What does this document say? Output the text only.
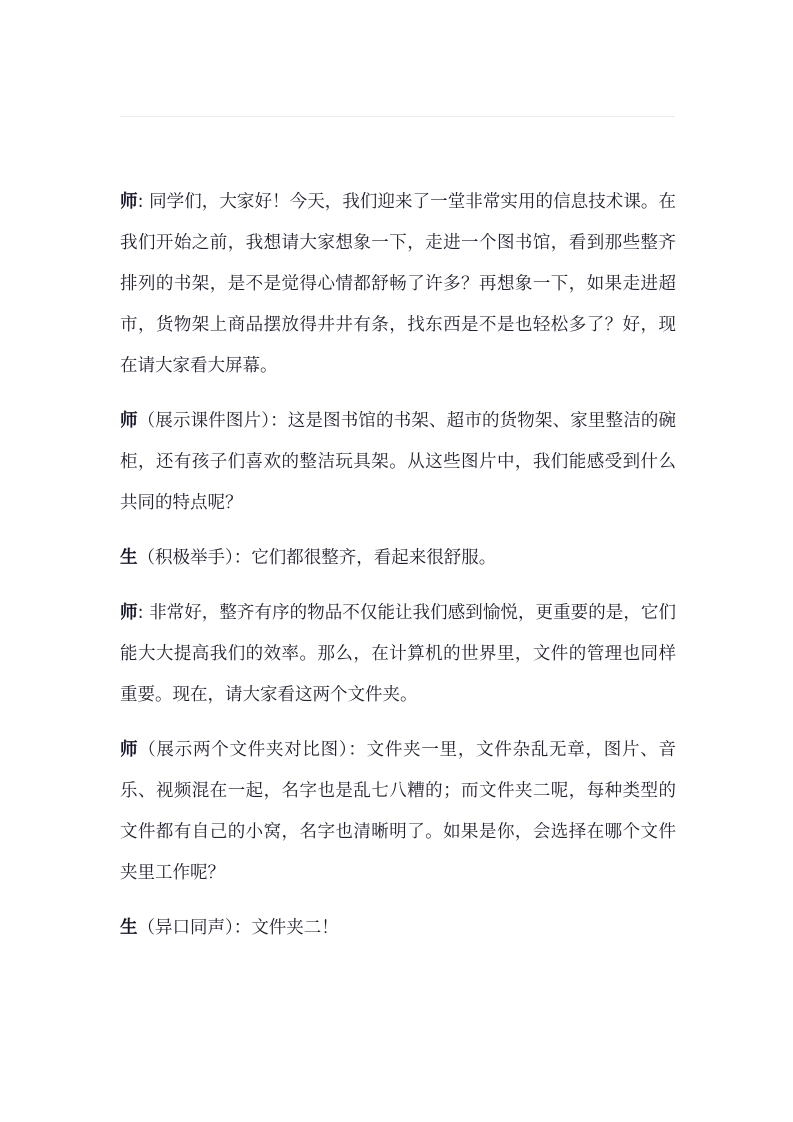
师: 同学们，大家好！今天，我们迎来了一堂非常实用的信息技术课。在我们开始之前，我想请大家想象一下，走进一个图书馆，看到那些整齐排列的书架，是不是觉得心情都舒畅了许多？再想象一下，如果走进超市，货物架上商品摆放得井井有条，找东西是不是也轻松多了？好，现在请大家看大屏幕。

师（展示课件图片）：这是图书馆的书架、超市的货物架、家里整洁的碗柜，还有孩子们喜欢的整洁玩具架。从这些图片中，我们能感受到什么共同的特点呢？

生（积极举手）：它们都很整齐，看起来很舒服。

师: 非常好，整齐有序的物品不仅能让我们感到愉悦，更重要的是，它们能大大提高我们的效率。那么，在计算机的世界里，文件的管理也同样重要。现在，请大家看这两个文件夹。

师（展示两个文件夹对比图）：文件夹一里，文件杂乱无章，图片、音乐、视频混在一起，名字也是乱七八糟的；而文件夹二呢，每种类型的文件都有自己的小窝，名字也清晰明了。如果是你，会选择在哪个文件夹里工作呢？

生（异口同声）：文件夹二！
